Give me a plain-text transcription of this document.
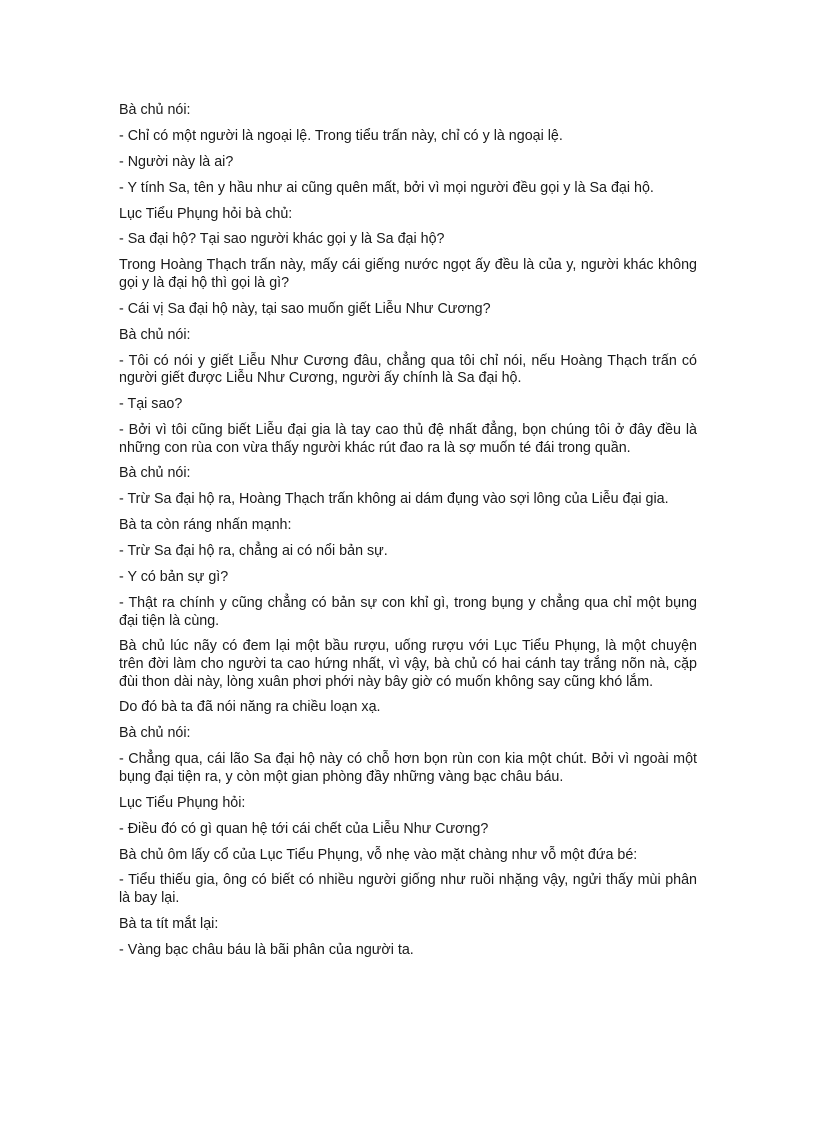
Bà chủ nói:

- Chỉ có một người là ngoại lệ. Trong tiểu trấn này, chỉ có y là ngoại lệ.

- Người này là ai?

- Y tính Sa, tên y hầu như ai cũng quên mất, bởi vì mọi người đều gọi y là Sa đại hộ.

Lục Tiểu Phụng hỏi bà chủ:

- Sa đại hộ? Tại sao người khác gọi y là Sa đại hộ?

Trong Hoàng Thạch trấn này, mấy cái giếng nước ngọt ấy đều là của y, người khác không gọi y là đại hộ thì gọi là gì?

- Cái vị Sa đại hộ này, tại sao muốn giết Liễu Như Cương?

Bà chủ nói:

- Tôi có nói y giết Liễu Như Cương đâu, chẳng qua tôi chỉ nói, nếu Hoàng Thạch trấn có người giết được Liễu Như Cương, người ấy chính là Sa đại hộ.

- Tại sao?

- Bởi vì tôi cũng biết Liễu đại gia là tay cao thủ đệ nhất đẳng, bọn chúng tôi ở đây đều là những con rùa con vừa thấy người khác rút đao ra là sợ muốn té đái trong quần.

Bà chủ nói:

- Trừ Sa đại hộ ra, Hoàng Thạch trấn không ai dám đụng vào sợi lông của Liễu đại gia.

Bà ta còn ráng nhấn mạnh:

- Trừ Sa đại hộ ra, chẳng ai có nổi bản sự.

- Y có bản sự gì?

- Thật ra chính y cũng chẳng có bản sự con khỉ gì, trong bụng y chẳng qua chỉ một bụng đại tiện là cùng.

Bà chủ lúc nãy có đem lại một bầu rượu, uống rượu với Lục Tiểu Phụng, là một chuyện trên đời làm cho người ta cao hứng nhất, vì vậy, bà chủ có hai cánh tay trắng nõn nà, cặp đùi thon dài này, lòng xuân phơi phới này bây giờ có muốn không say cũng khó lắm.

Do đó bà ta đã nói năng ra chiều loạn xạ.

Bà chủ nói:

- Chẳng qua, cái lão Sa đại hộ này có chỗ hơn bọn rùn con kia một chút. Bởi vì ngoài một bụng đại tiện ra, y còn một gian phòng đầy những vàng bạc châu báu.

Lục Tiểu Phụng hỏi:

- Điều đó có gì quan hệ tới cái chết của Liễu Như Cương?

Bà chủ ôm lấy cổ của Lục Tiểu Phụng, vỗ nhẹ vào mặt chàng như vỗ một đứa bé:

- Tiểu thiếu gia, ông có biết có nhiều người giống như ruồi nhặng vậy, ngửi thấy mùi phân là bay lại.

Bà ta tít mắt lại:

- Vàng bạc châu báu là bãi phân của người ta.
